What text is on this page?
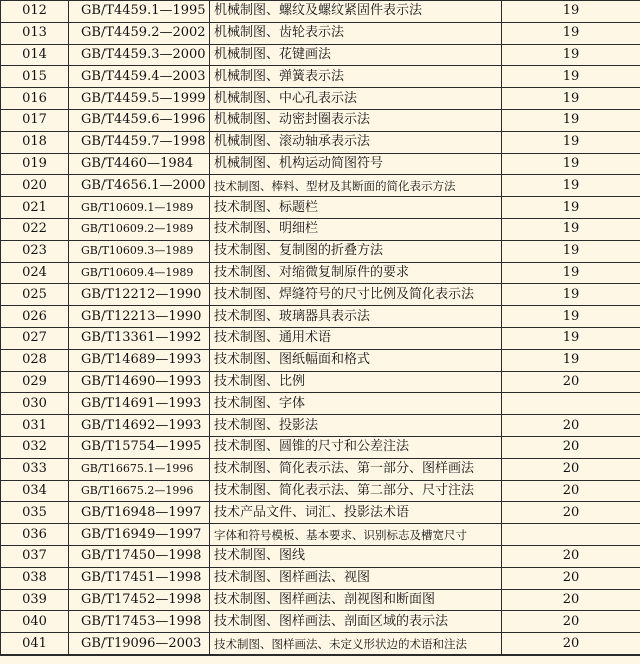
012	GB/T4459.1—1995	机械制图、螺纹及螺纹紧固件表示法	19
013	GB/T4459.2—2002	机械制图、齿轮表示法	19
014	GB/T4459.3—2000	机械制图、花键画法	19
015	GB/T4459.4—2003	机械制图、弹簧表示法	19
016	GB/T4459.5—1999	机械制图、中心孔表示法	19
017	GB/T4459.6—1996	机械制图、动密封圈表示法	19
018	GB/T4459.7—1998	机械制图、滚动轴承表示法	19
019	GB/T4460—1984	机械制图、机构运动简图符号	19
020	GB/T4656.1—2000	技术制图、棒料、型材及其断面的简化表示方法	19
021	GB/T10609.1—1989	技术制图、标题栏	19
022	GB/T10609.2—1989	技术制图、明细栏	19
023	GB/T10609.3—1989	技术制图、复制图的折叠方法	19
024	GB/T10609.4—1989	技术制图、对缩微复制原件的要求	19
025	GB/T12212—1990	技术制图、焊缝符号的尺寸比例及简化表示法	19
026	GB/T12213—1990	技术制图、玻璃器具表示法	19
027	GB/T13361—1992	技术制图、通用术语	19
028	GB/T14689—1993	技术制图、图纸幅面和格式	19
029	GB/T14690—1993	技术制图、比例	20
030	GB/T14691—1993	技术制图、字体	
031	GB/T14692—1993	技术制图、投影法	20
032	GB/T15754—1995	技术制图、圆锥的尺寸和公差注法	20
033	GB/T16675.1—1996	技术制图、简化表示法、第一部分、图样画法	20
034	GB/T16675.2—1996	技术制图、简化表示法、第二部分、尺寸注法	20
035	GB/T16948—1997	技术产品文件、词汇、投影法术语	20
036	GB/T16949—1997	字体和符号模板、基本要求、识别标志及槽宽尺寸	
037	GB/T17450—1998	技术制图、图线	20
038	GB/T17451—1998	技术制图、图样画法、视图	20
039	GB/T17452—1998	技术制图、图样画法、剖视图和断面图	20
040	GB/T17453—1998	技术制图、图样画法、剖面区域的表示法	20
041	GB/T19096—2003	技术制图、图样画法、未定义形状边的术语和注法	20
